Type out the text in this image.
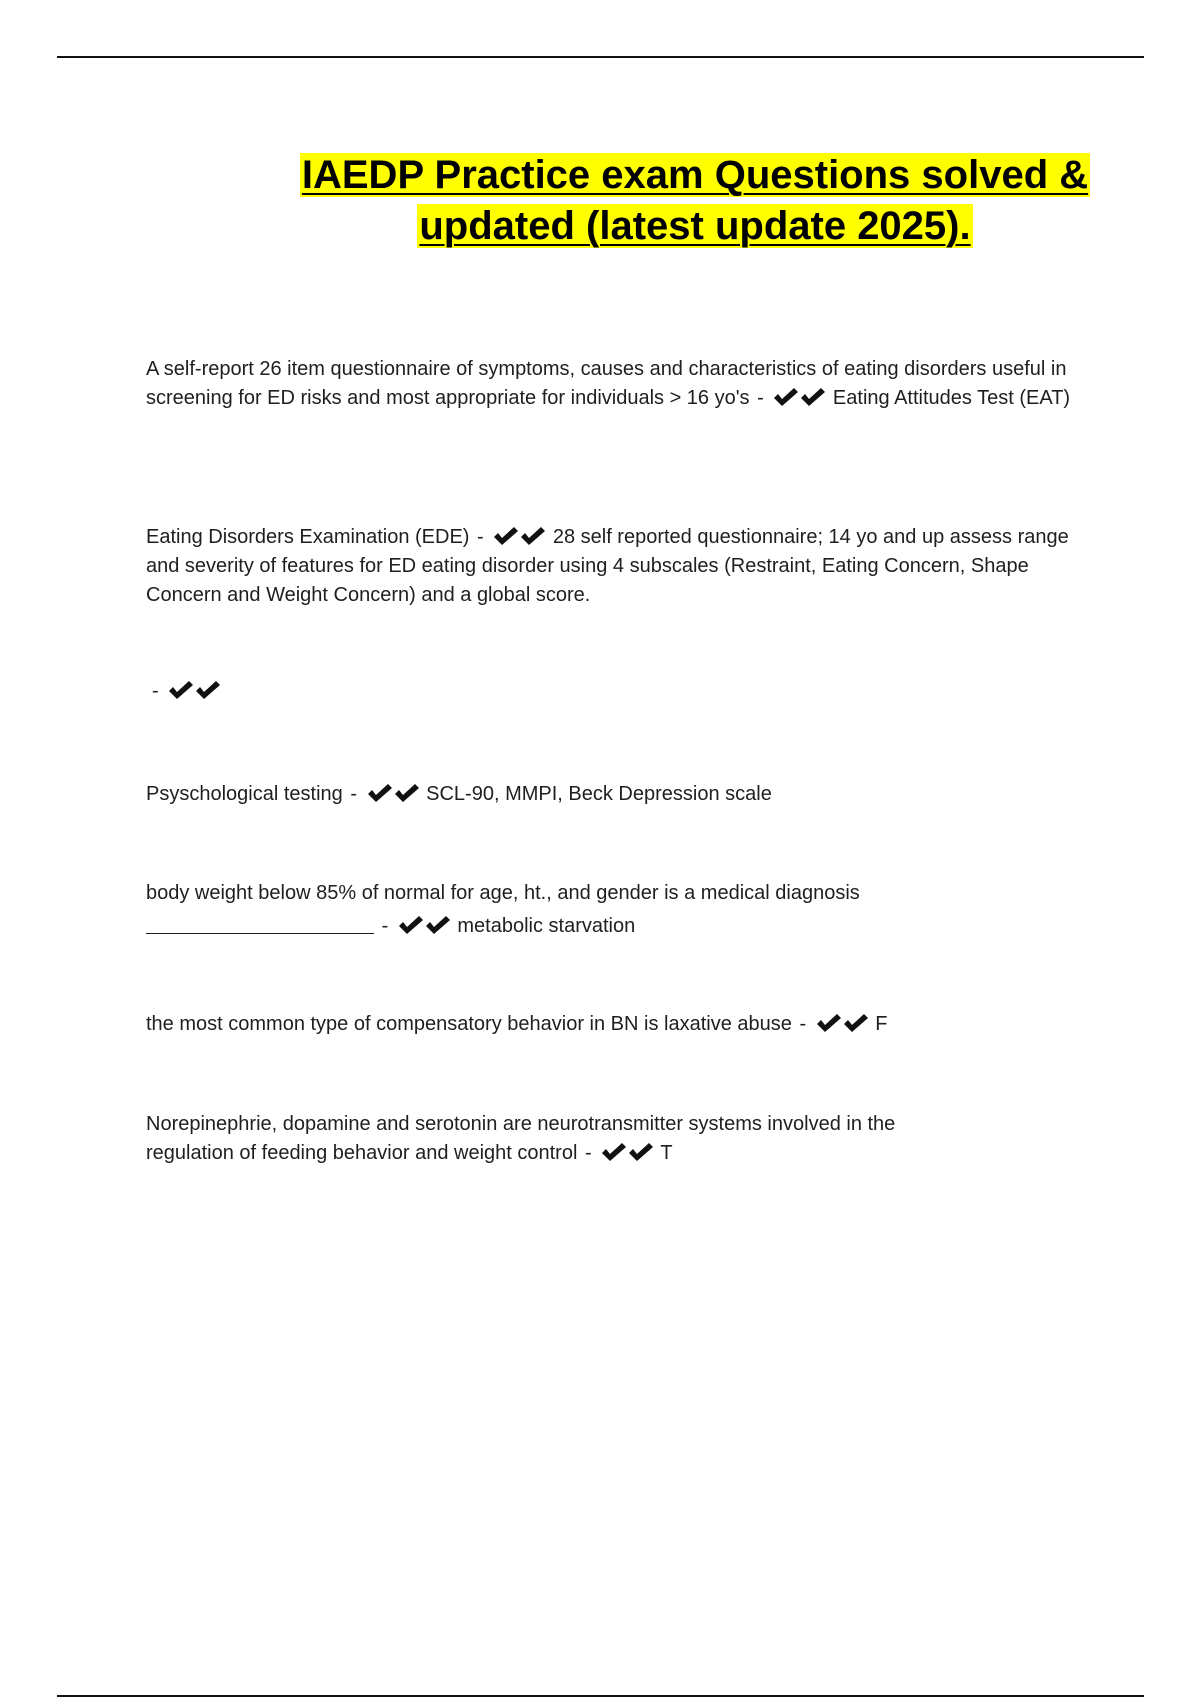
IAEDP Practice exam Questions solved &
updated (latest update 2025).

A self-report 26 item questionnaire of symptoms, causes and characteristics of eating disorders useful in screening for ED risks and most appropriate for individuals > 16 yo's -	Eating Attitudes Test (EAT)

Eating Disorders Examination (EDE) -	28 self reported questionnaire; 14 yo and up assess range and severity of features for ED eating disorder using 4 subscales (Restraint, Eating Concern, Shape Concern and Weight Concern) and a global score.

-

Psyschological testing -	SCL-90, MMPI, Beck Depression scale

body weight below 85% of normal for age, ht., and gender is a medical diagnosis
-	metabolic starvation

the most common type of compensatory behavior in BN is laxative abuse -	F

Norepinephrie, dopamine and serotonin are neurotransmitter systems involved in the regulation of feeding behavior and weight control -	T
